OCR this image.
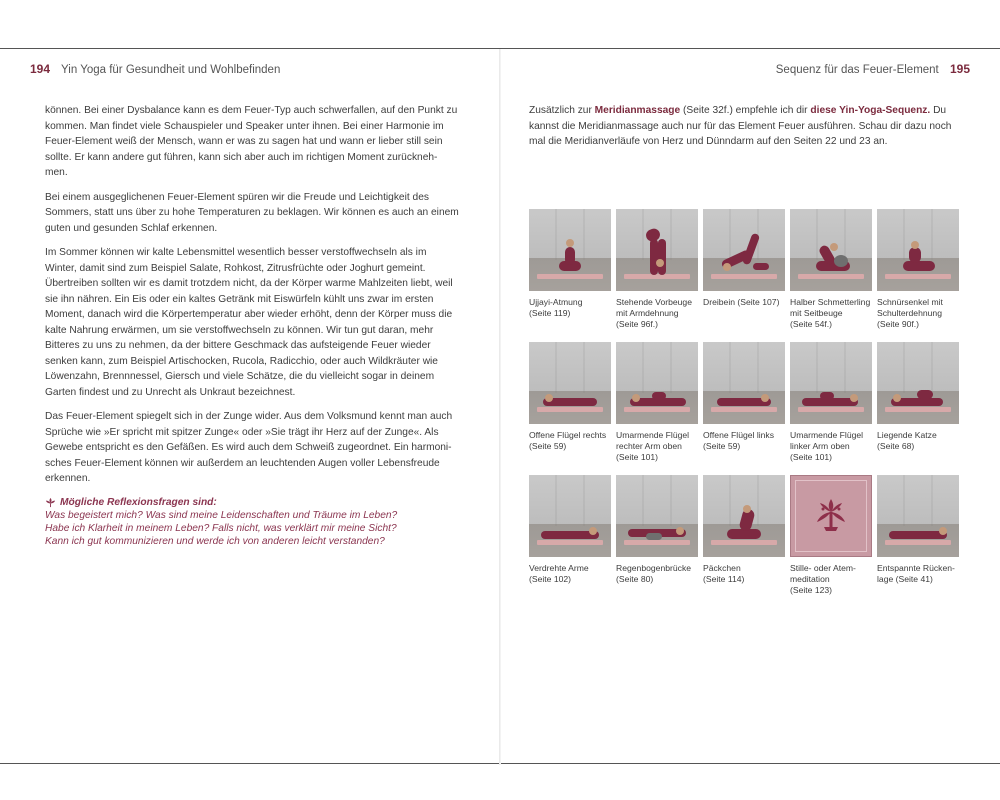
194 Yin Yoga für Gesundheit und Wohlbefinden	Sequenz für das Feuer-Element 195

können. Bei einer Dysbalance kann es dem Feuer-Typ auch schwerfallen, auf den Punkt zu kommen. Man findet viele Schauspieler und Speaker unter ihnen. Bei einer Harmonie im Feuer-Element weiß der Mensch, wann er was zu sagen hat und wann er lieber still sein sollte. Er kann andere gut führen, kann sich aber auch im richtigen Moment zurückneh-men.

Bei einem ausgeglichenen Feuer-Element spüren wir die Freude und Leichtigkeit des Sommers, statt uns über zu hohe Temperaturen zu beklagen. Wir können es auch an einem guten und gesunden Schlaf erkennen.

Im Sommer können wir kalte Lebensmittel wesentlich besser verstoffwechseln als im Winter, damit sind zum Beispiel Salate, Rohkost, Zitrusfrüchte oder Joghurt gemeint. Übertreiben sollten wir es damit trotzdem nicht, da der Körper warme Mahlzeiten liebt, weil sie ihn nähren. Ein Eis oder ein kaltes Getränk mit Eiswürfeln kühlt uns zwar im ersten Moment, danach wird die Körpertemperatur aber wieder erhöht, denn der Körper muss die kalte Nahrung erwärmen, um sie verstoffwechseln zu können. Wir tun gut daran, mehr Bitteres zu uns zu nehmen, da der bittere Geschmack das aufsteigende Feuer wieder senken kann, zum Beispiel Artischocken, Rucola, Radicchio, oder auch Wildkräuter wie Löwenzahn, Brennnessel, Giersch und viele Schätze, die du vielleicht sogar in deinem Garten findest und zu Unrecht als Unkraut bezeichnest.

Das Feuer-Element spiegelt sich in der Zunge wider. Aus dem Volksmund kennt man auch Sprüche wie »Er spricht mit spitzer Zunge« oder »Sie trägt ihr Herz auf der Zunge«. Als Gewebe entspricht es den Gefäßen. Es wird auch dem Schweiß zugeordnet. Ein harmoni-sches Feuer-Element können wir außerdem an leuchtenden Augen voller Lebensfreude erkennen.

Mögliche Reflexionsfragen sind:
Was begeistert mich? Was sind meine Leidenschaften und Träume im Leben?
Habe ich Klarheit in meinem Leben? Falls nicht, was verklärt mir meine Sicht?
Kann ich gut kommunizieren und werde ich von anderen leicht verstanden?
Zusätzlich zur Meridianmassage (Seite 32f.) empfehle ich dir diese Yin-Yoga-Sequenz. Du kannst die Meridianmassage auch nur für das Element Feuer ausführen. Schau dir dazu noch mal die Meridianverläufe von Herz und Dünndarm auf den Seiten 22 und 23 an.
Ujjayi-Atmung
(Seite 119)
Stehende Vorbeuge
mit Armdehnung
(Seite 96f.)
Dreibein (Seite 107)	Halber Schmetterling
mit Seitbeuge
(Seite 54f.)
Schnürsenkel mit
Schulterdehnung
(Seite 90f.)
Offene Flügel rechts
(Seite 59)
Umarmende Flügel
rechter Arm oben
(Seite 101)
Offene Flügel links
(Seite 59)
Umarmende Flügel
linker Arm oben
(Seite 101)
Liegende Katze
(Seite 68)
Verdrehte Arme
(Seite 102)
Regenbogenbrücke
(Seite 80)
Päckchen
(Seite 114)
Stille- oder Atem-
meditation
(Seite 123)
Entspannte Rücken-
lage (Seite 41)
